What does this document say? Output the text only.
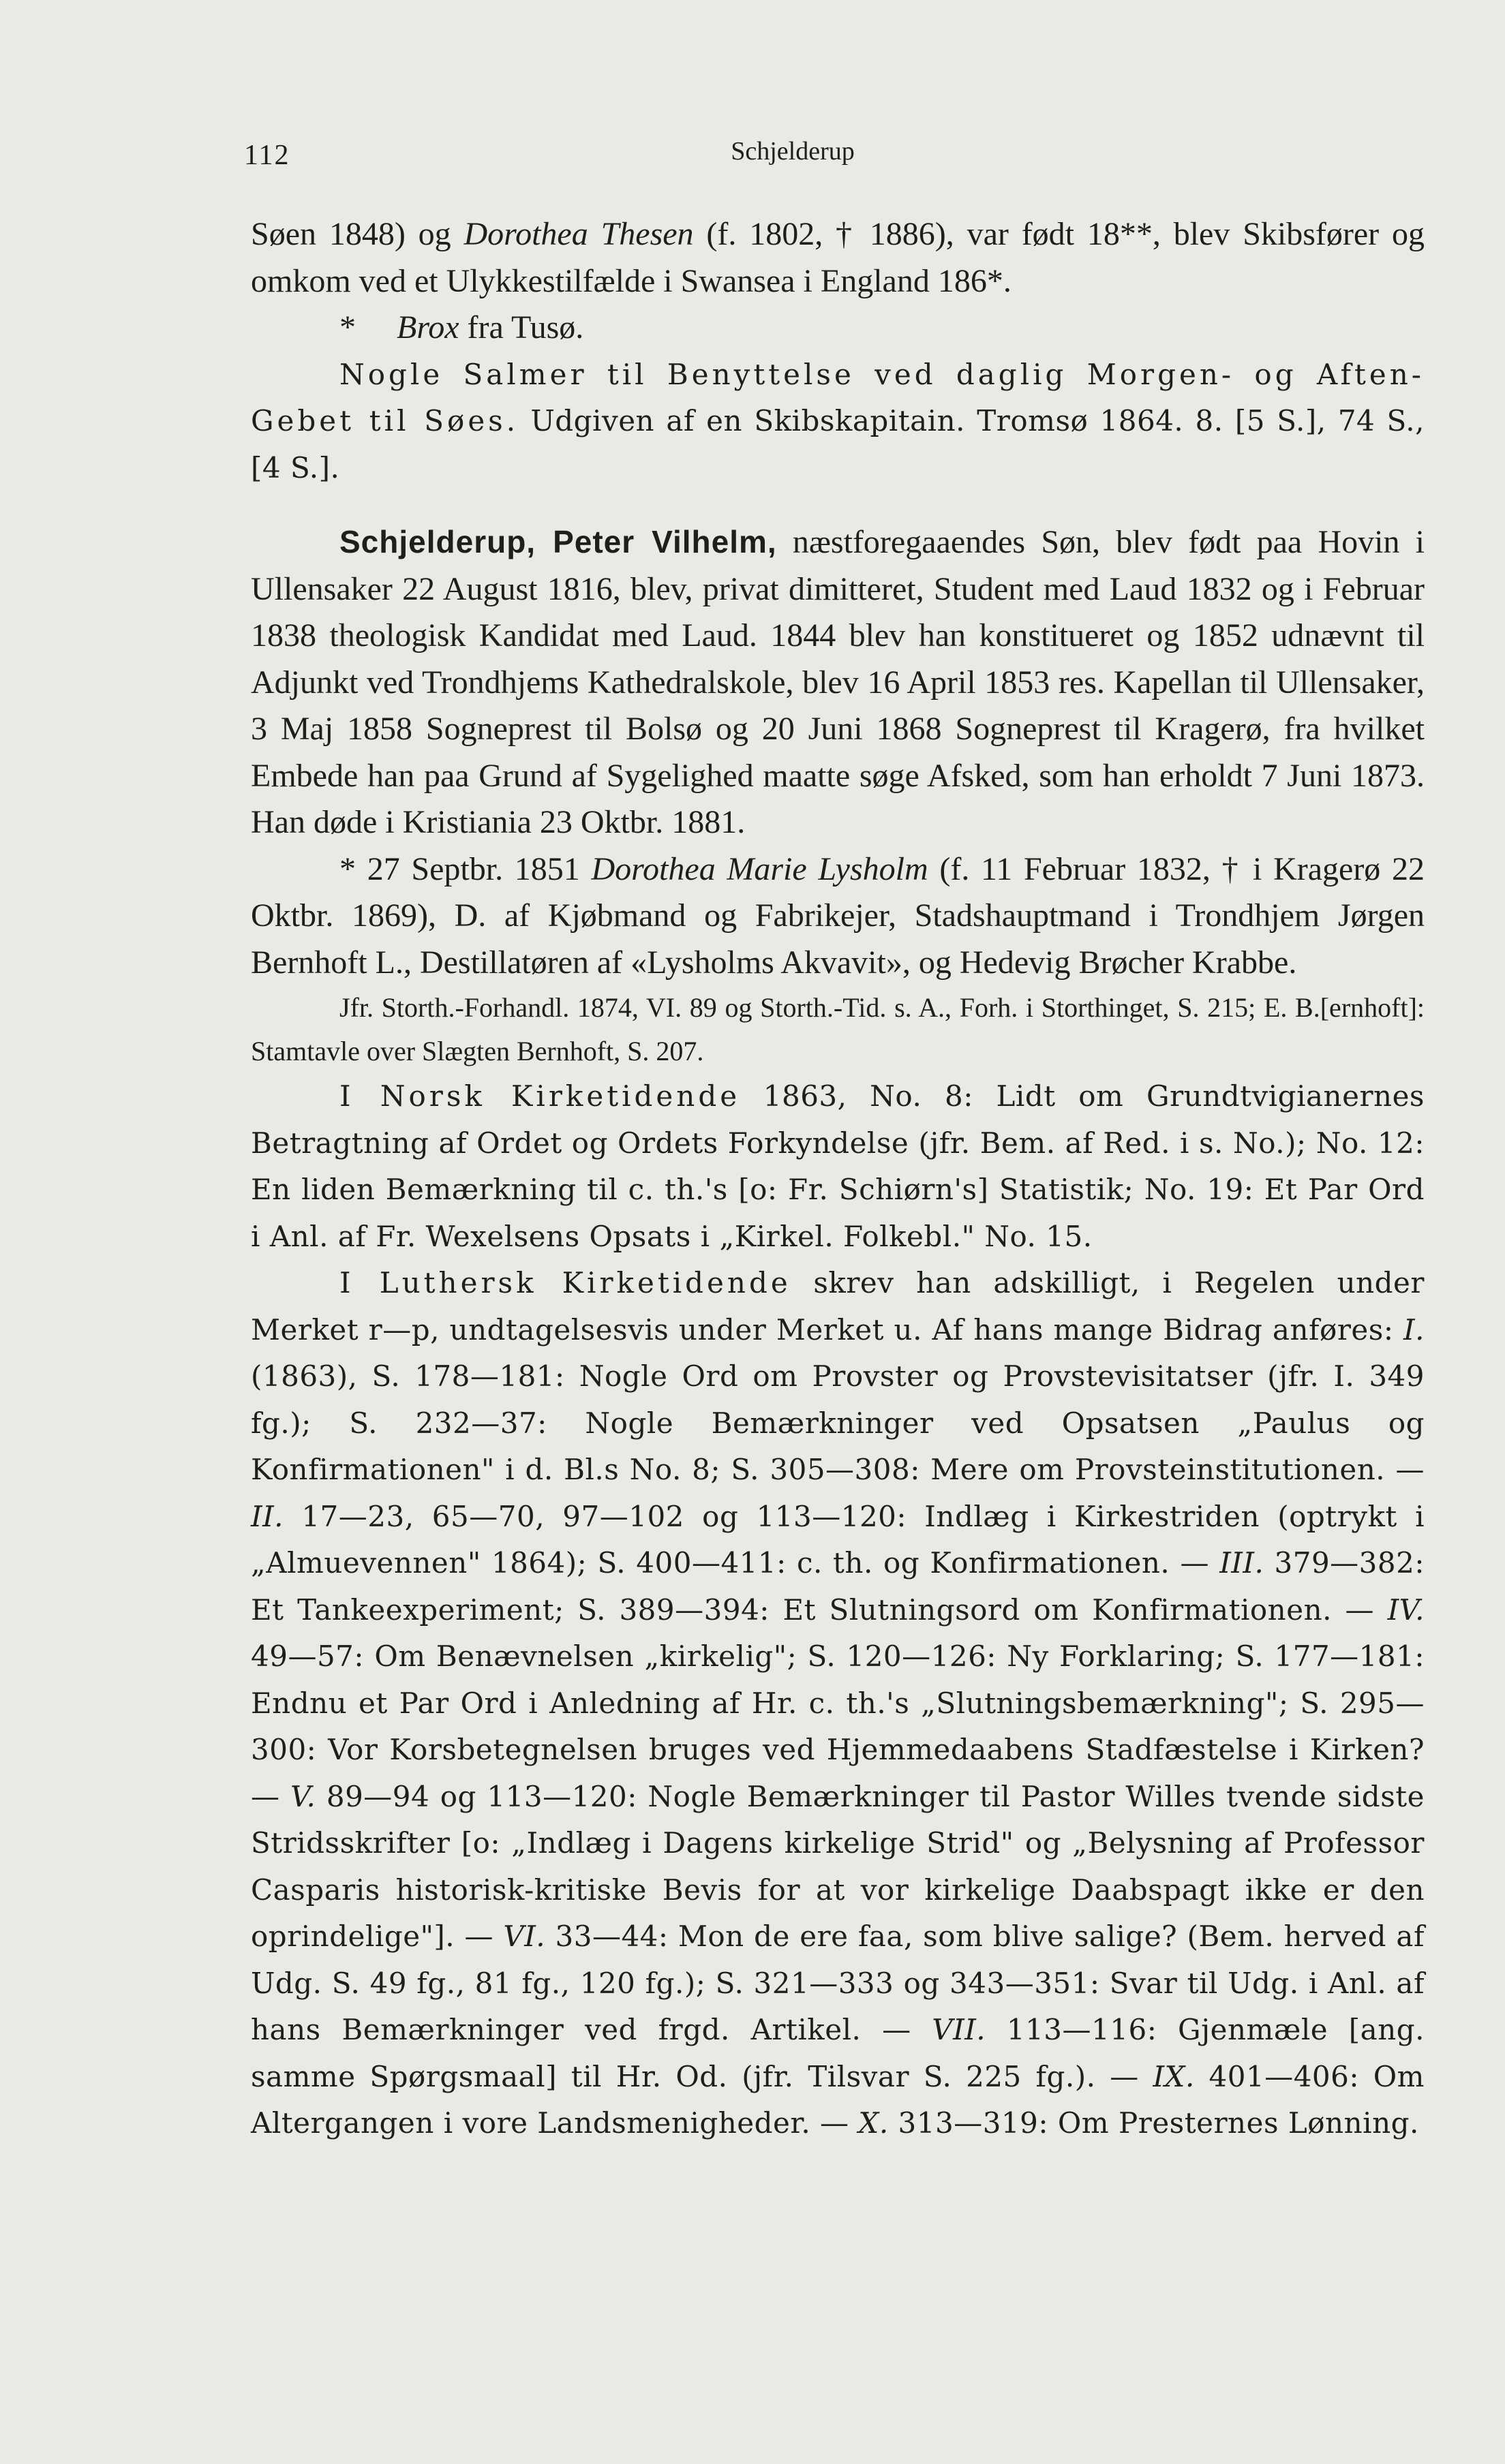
112	Schjelderup

Søen 1848) og Dorothea Thesen (f. 1802, † 1886), var født 18**, blev Skibsfører og omkom ved et Ulykkestilfælde i Swansea i England 186*.

* Brox fra Tusø.

Nogle Salmer til Benyttelse ved daglig Morgen- og Aften-Gebet til Søes. Udgiven af en Skibskapitain. Tromsø 1864. 8. [5 S.], 74 S., [4 S.].

Schjelderup, Peter Vilhelm, næstforegaaendes Søn, blev født paa Hovin i Ullensaker 22 August 1816, blev, privat dimitteret, Student med Laud 1832 og i Februar 1838 theologisk Kandidat med Laud. 1844 blev han konstitueret og 1852 udnævnt til Adjunkt ved Trondhjems Kathedralskole, blev 16 April 1853 res. Kapellan til Ullensaker, 3 Maj 1858 Sogneprest til Bolsø og 20 Juni 1868 Sogneprest til Kragerø, fra hvilket Embede han paa Grund af Sygelighed maatte søge Afsked, som han erholdt 7 Juni 1873. Han døde i Kristiania 23 Oktbr. 1881.

* 27 Septbr. 1851 Dorothea Marie Lysholm (f. 11 Februar 1832, † i Kragerø 22 Oktbr. 1869), D. af Kjøbmand og Fabrikejer, Stadshauptmand i Trondhjem Jørgen Bernhoft L., Destillatøren af «Lysholms Akvavit», og Hedevig Brøcher Krabbe.

Jfr. Storth.-Forhandl. 1874, VI. 89 og Storth.-Tid. s. A., Forh. i Storthinget, S. 215; E. B.[ernhoft]: Stamtavle over Slægten Bernhoft, S. 207.

I Norsk Kirketidende 1863, No. 8: Lidt om Grundtvigianernes Betragtning af Ordet og Ordets Forkyndelse (jfr. Bem. af Red. i s. No.); No. 12: En liden Bemærkning til c. th.'s [o: Fr. Schiørn's] Statistik; No. 19: Et Par Ord i Anl. af Fr. Wexelsens Opsats i „Kirkel. Folkebl." No. 15.

I Luthersk Kirketidende skrev han adskilligt, i Regelen under Merket r—p, undtagelsesvis under Merket u. Af hans mange Bidrag anføres: I. (1863), S. 178—181: Nogle Ord om Provster og Provstevisitatser (jfr. I. 349 fg.); S. 232—37: Nogle Bemærkninger ved Opsatsen „Paulus og Konfirmationen" i d. Bl.s No. 8; S. 305—308: Mere om Provsteinstitutionen. — II. 17—23, 65—70, 97—102 og 113—120: Indlæg i Kirkestriden (optrykt i „Almuevennen" 1864); S. 400—411: c. th. og Konfirmationen. — III. 379—382: Et Tankeexperiment; S. 389—394: Et Slutningsord om Konfirmationen. — IV. 49—57: Om Benævnelsen „kirkelig"; S. 120—126: Ny Forklaring; S. 177—181: Endnu et Par Ord i Anledning af Hr. c. th.'s „Slutningsbemærkning"; S. 295—300: Vor Korsbetegnelsen bruges ved Hjemmedaabens Stadfæstelse i Kirken? — V. 89—94 og 113—120: Nogle Bemærkninger til Pastor Willes tvende sidste Stridsskrifter [o: „Indlæg i Dagens kirkelige Strid" og „Belysning af Professor Casparis historisk-kritiske Bevis for at vor kirkelige Daabspagt ikke er den oprindelige"]. — VI. 33—44: Mon de ere faa, som blive salige? (Bem. herved af Udg. S. 49 fg., 81 fg., 120 fg.); S. 321—333 og 343—351: Svar til Udg. i Anl. af hans Bemærkninger ved frgd. Artikel. — VII. 113—116: Gjenmæle [ang. samme Spørgsmaal] til Hr. Od. (jfr. Tilsvar S. 225 fg.). — IX. 401—406: Om Altergangen i vore Landsmenigheder. — X. 313—319: Om Presternes Lønning.
